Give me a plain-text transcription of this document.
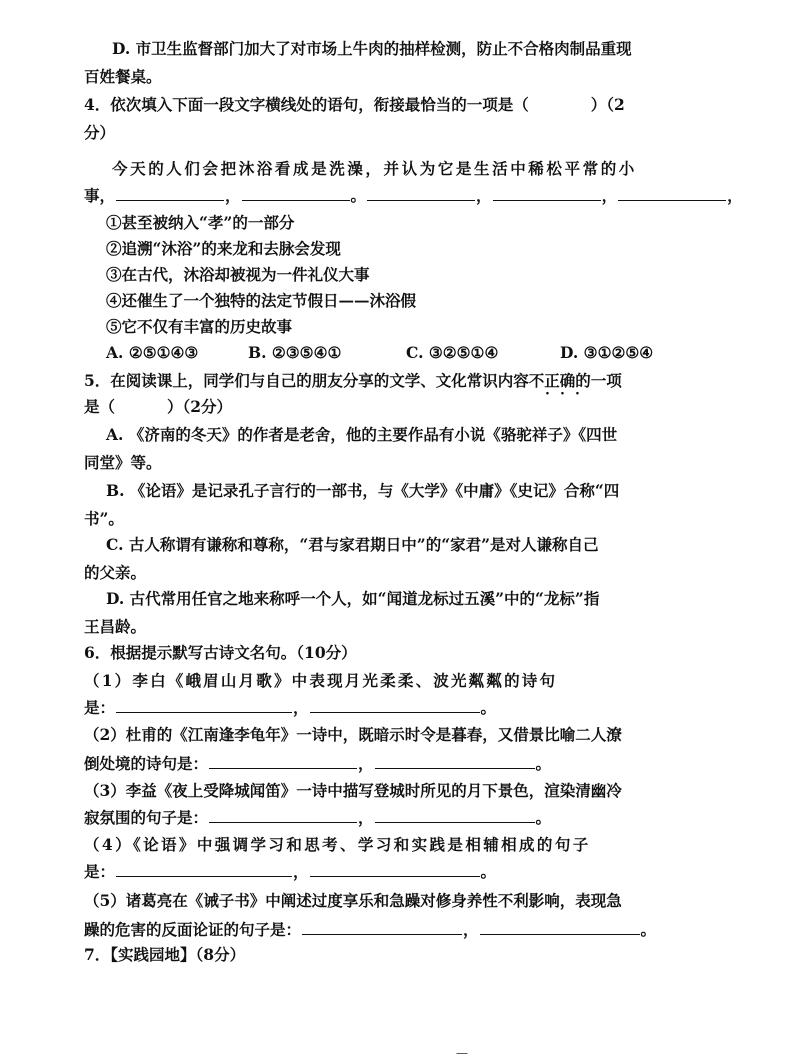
D. 市卫生监督部门加大了对市场上牛肉的抽样检测，防止不合格肉制品重现
百姓餐桌。
4．依次填入下面一段文字横线处的语句，衔接最恰当的一项是（	）（2
分）
今天的人们会把沐浴看成是洗澡，并认为它是生活中稀松平常的小
事，	，	。	，	，	，
①甚至被纳入“孝”的一部分
②追溯“沐浴”的来龙和去脉会发现
③在古代，沐浴却被视为一件礼仪大事
④还催生了一个独特的法定节假日——沐浴假
⑤它不仅有丰富的历史故事
A. ②⑤①④③	B. ②③⑤④①	C. ③②⑤①④	D. ③①②⑤④
5．在阅读课上，同学们与自己的朋友分享的文学、文化常识内容不正确的一项
· · ·
是（	）（2分）
A. 《济南的冬天》的作者是老舍，他的主要作品有小说《骆驼祥子》《四世
同堂》等。
B. 《论语》是记录孔子言行的一部书，与《大学》《中庸》《史记》合称“四
书”。
C. 古人称谓有谦称和尊称，“君与家君期日中”的“家君”是对人谦称自己
的父亲。
D. 古代常用任官之地来称呼一个人，如“闻道龙标过五溪”中的“龙标”指
王昌龄。
6．根据提示默写古诗文名句。（10分）
（1）李白《峨眉山月歌》中表现月光柔柔、波光粼粼的诗句
是：	，	。
（2）杜甫的《江南逢李龟年》一诗中，既暗示时令是暮春，又借景比喻二人潦
倒处境的诗句是：	，	。
（3）李益《夜上受降城闻笛》一诗中描写登城时所见的月下景色，渲染清幽冷
寂氛围的句子是：	，	。
（4）《论语》中强调学习和思考、学习和实践是相辅相成的句子
是：	，	。
（5）诸葛亮在《诫子书》中阐述过度享乐和急躁对修身养性不利影响，表现急
躁的危害的反面论证的句子是：	，	。
7．【实践园地】（8分）
—
